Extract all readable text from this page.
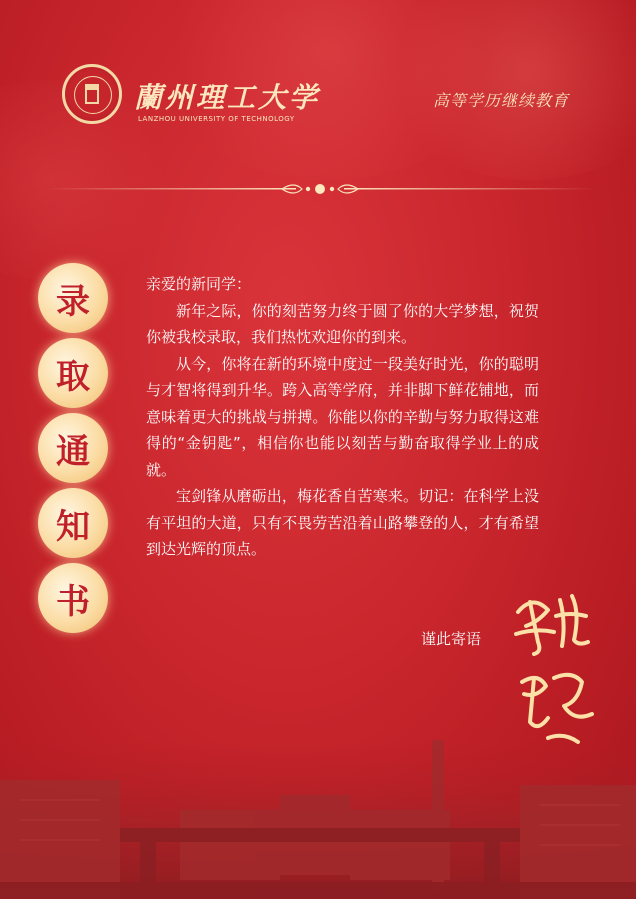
蘭州理工大学
LANZHOU UNIVERSITY OF TECHNOLOGY
高等学历继续教育
录
取
通
知
书

亲爱的新同学：

新年之际，你的刻苦努力终于圆了你的大学梦想，祝贺你被我校录取，我们热忱欢迎你的到来。

从今，你将在新的环境中度过一段美好时光，你的聪明与才智将得到升华。跨入高等学府，并非脚下鲜花铺地，而意味着更大的挑战与拼搏。你能以你的辛勤与努力取得这难得的“金钥匙”，相信你也能以刻苦与勤奋取得学业上的成就。

宝剑锋从磨砺出，梅花香自苦寒来。切记：在科学上没有平坦的大道，只有不畏劳苦沿着山路攀登的人，才有希望到达光辉的顶点。

谨此寄语
